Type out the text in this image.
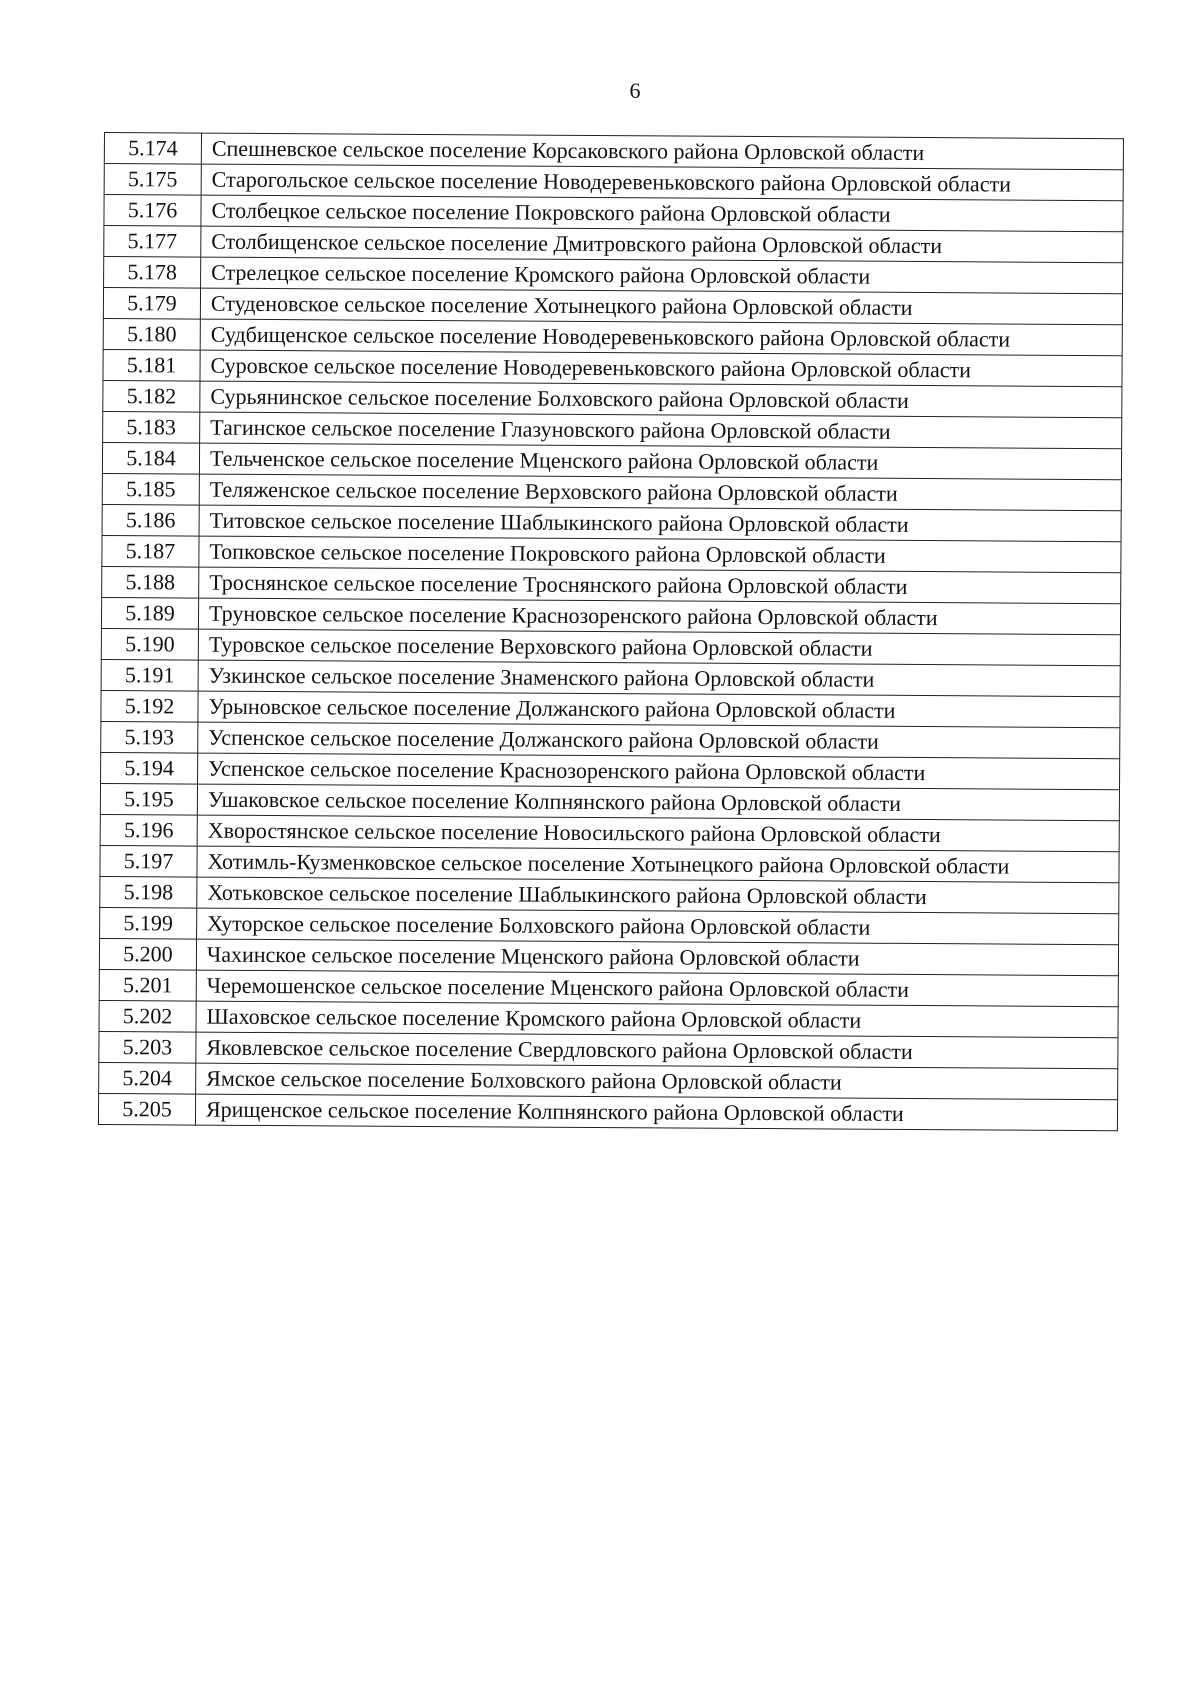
6
5.174	Спешневское сельское поселение Корсаковского района Орловской области
5.175	Старогольское сельское поселение Новодеревеньковского района Орловской области
5.176	Столбецкое сельское поселение Покровского района Орловской области
5.177	Столбищенское сельское поселение Дмитровского района Орловской области
5.178	Стрелецкое сельское поселение Кромского района Орловской области
5.179	Студеновское сельское поселение Хотынецкого района Орловской области
5.180	Судбищенское сельское поселение Новодеревеньковского района Орловской области
5.181	Суровское сельское поселение Новодеревеньковского района Орловской области
5.182	Сурьянинское сельское поселение Болховского района Орловской области
5.183	Тагинское сельское поселение Глазуновского района Орловской области
5.184	Тельченское сельское поселение Мценского района Орловской области
5.185	Теляженское сельское поселение Верховского района Орловской области
5.186	Титовское сельское поселение Шаблыкинского района Орловской области
5.187	Топковское сельское поселение Покровского района Орловской области
5.188	Троснянское сельское поселение Троснянского района Орловской области
5.189	Труновское сельское поселение Краснозоренского района Орловской области
5.190	Туровское сельское поселение Верховского района Орловской области
5.191	Узкинское сельское поселение Знаменского района Орловской области
5.192	Урыновское сельское поселение Должанского района Орловской области
5.193	Успенское сельское поселение Должанского района Орловской области
5.194	Успенское сельское поселение Краснозоренского района Орловской области
5.195	Ушаковское сельское поселение Колпнянского района Орловской области
5.196	Хворостянское сельское поселение Новосильского района Орловской области
5.197	Хотимль-Кузменковское сельское поселение Хотынецкого района Орловской области
5.198	Хотьковское сельское поселение Шаблыкинского района Орловской области
5.199	Хуторское сельское поселение Болховского района Орловской области
5.200	Чахинское сельское поселение Мценского района Орловской области
5.201	Черемошенское сельское поселение Мценского района Орловской области
5.202	Шаховское сельское поселение Кромского района Орловской области
5.203	Яковлевское сельское поселение Свердловского района Орловской области
5.204	Ямское сельское поселение Болховского района Орловской области
5.205	Ярищенское сельское поселение Колпнянского района Орловской области
